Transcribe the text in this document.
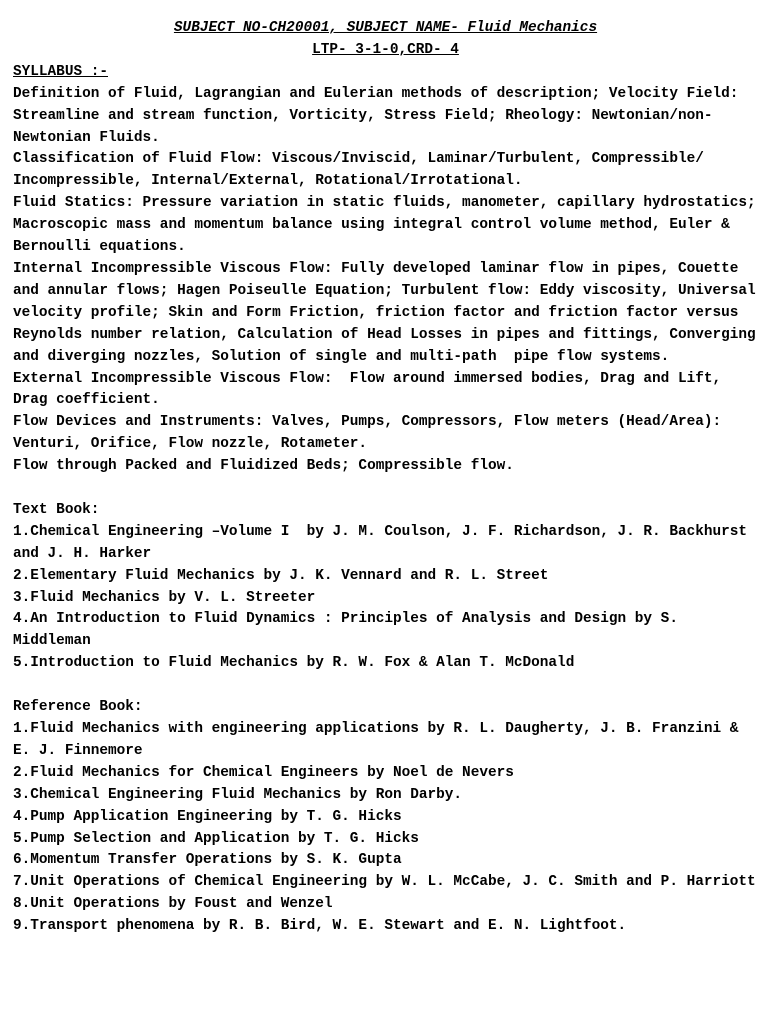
SUBJECT NO-CH20001, SUBJECT NAME- Fluid Mechanics
LTP- 3-1-0,CRD- 4
SYLLABUS :-

Definition of Fluid, Lagrangian and Eulerian methods of description; Velocity Field: Streamline and stream function, Vorticity, Stress Field; Rheology: Newtonian/non-Newtonian Fluids.

Classification of Fluid Flow: Viscous/Inviscid, Laminar/Turbulent, Compressible/ Incompressible, Internal/External, Rotational/Irrotational.

Fluid Statics: Pressure variation in static fluids, manometer, capillary hydrostatics; Macroscopic mass and momentum balance using integral control volume method, Euler & Bernoulli equations.

Internal Incompressible Viscous Flow: Fully developed laminar flow in pipes, Couette and annular flows; Hagen Poiseulle Equation; Turbulent flow: Eddy viscosity, Universal velocity profile; Skin and Form Friction, friction factor and friction factor versus Reynolds number relation, Calculation of Head Losses in pipes and fittings, Converging and diverging nozzles, Solution of single and multi-path  pipe flow systems.

External Incompressible Viscous Flow:  Flow around immersed bodies, Drag and Lift, Drag coefficient.

Flow Devices and Instruments: Valves, Pumps, Compressors, Flow meters (Head/Area): Venturi, Orifice, Flow nozzle, Rotameter.

Flow through Packed and Fluidized Beds; Compressible flow.

Text Book:

1.Chemical Engineering –Volume I  by J. M. Coulson, J. F. Richardson, J. R. Backhurst and J. H. Harker

2.Elementary Fluid Mechanics by J. K. Vennard and R. L. Street

3.Fluid Mechanics by V. L. Streeter

4.An Introduction to Fluid Dynamics : Principles of Analysis and Design by S. Middleman

5.Introduction to Fluid Mechanics by R. W. Fox & Alan T. McDonald

Reference Book:

1.Fluid Mechanics with engineering applications by R. L. Daugherty, J. B. Franzini & E. J. Finnemore

2.Fluid Mechanics for Chemical Engineers by Noel de Nevers

3.Chemical Engineering Fluid Mechanics by Ron Darby.

4.Pump Application Engineering by T. G. Hicks

5.Pump Selection and Application by T. G. Hicks

6.Momentum Transfer Operations by S. K. Gupta

7.Unit Operations of Chemical Engineering by W. L. McCabe, J. C. Smith and P. Harriott

8.Unit Operations by Foust and Wenzel

9.Transport phenomena by R. B. Bird, W. E. Stewart and E. N. Lightfoot.
